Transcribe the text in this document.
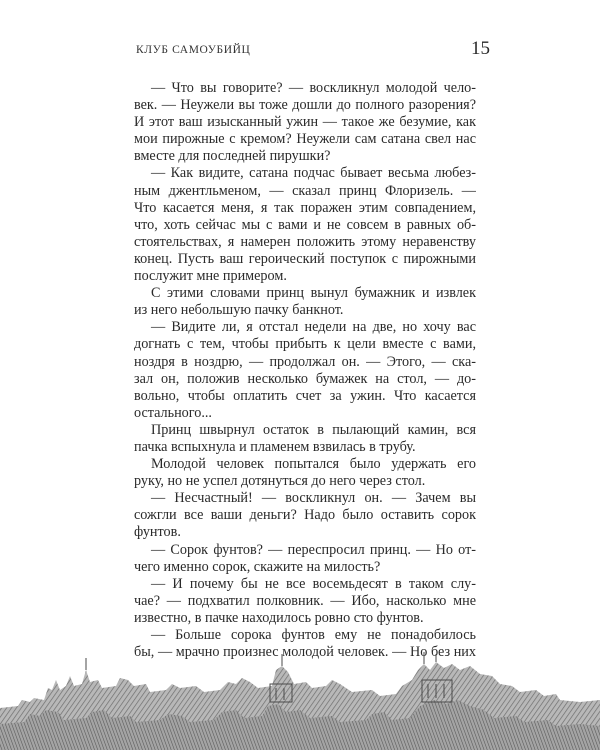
КЛУБ САМОУБИЙЦ	15
— Что вы говорите? — воскликнул молодой чело-
век. — Неужели вы тоже дошли до полного разорения?
И этот ваш изысканный ужин — такое же безумие, как
мои пирожные с кремом? Неужели сам сатана свел нас
вместе для последней пирушки?
— Как видите, сатана подчас бывает весьма любез-
ным джентльменом, — сказал принц Флоризель. —
Что касается меня, я так поражен этим совпадением,
что, хоть сейчас мы с вами и не совсем в равных об-
стоятельствах, я намерен положить этому неравенству
конец. Пусть ваш героический поступок с пирожными
послужит мне примером.
С этими словами принц вынул бумажник и извлек
из него небольшую пачку банкнот.
— Видите ли, я отстал недели на две, но хочу вас
догнать с тем, чтобы прибыть к цели вместе с вами,
ноздря в ноздрю, — продолжал он. — Этого, — ска-
зал он, положив несколько бумажек на стол, — до-
вольно, чтобы оплатить счет за ужин. Что касается
остального...
Принц швырнул остаток в пылающий камин, вся
пачка вспыхнула и пламенем взвилась в трубу.
Молодой человек попытался было удержать его
руку, но не успел дотянуться до него через стол.
— Несчастный! — воскликнул он. — Зачем вы
сожгли все ваши деньги? Надо было оставить сорок
фунтов.
— Сорок фунтов? — переспросил принц. — Но от-
чего именно сорок, скажите на милость?
— И почему бы не все восемьдесят в таком слу-
чае? — подхватил полковник. — Ибо, насколько мне
известно, в пачке находилось ровно сто фунтов.
— Больше сорока фунтов ему не понадобилось
бы, — мрачно произнес молодой человек. — Но без них
